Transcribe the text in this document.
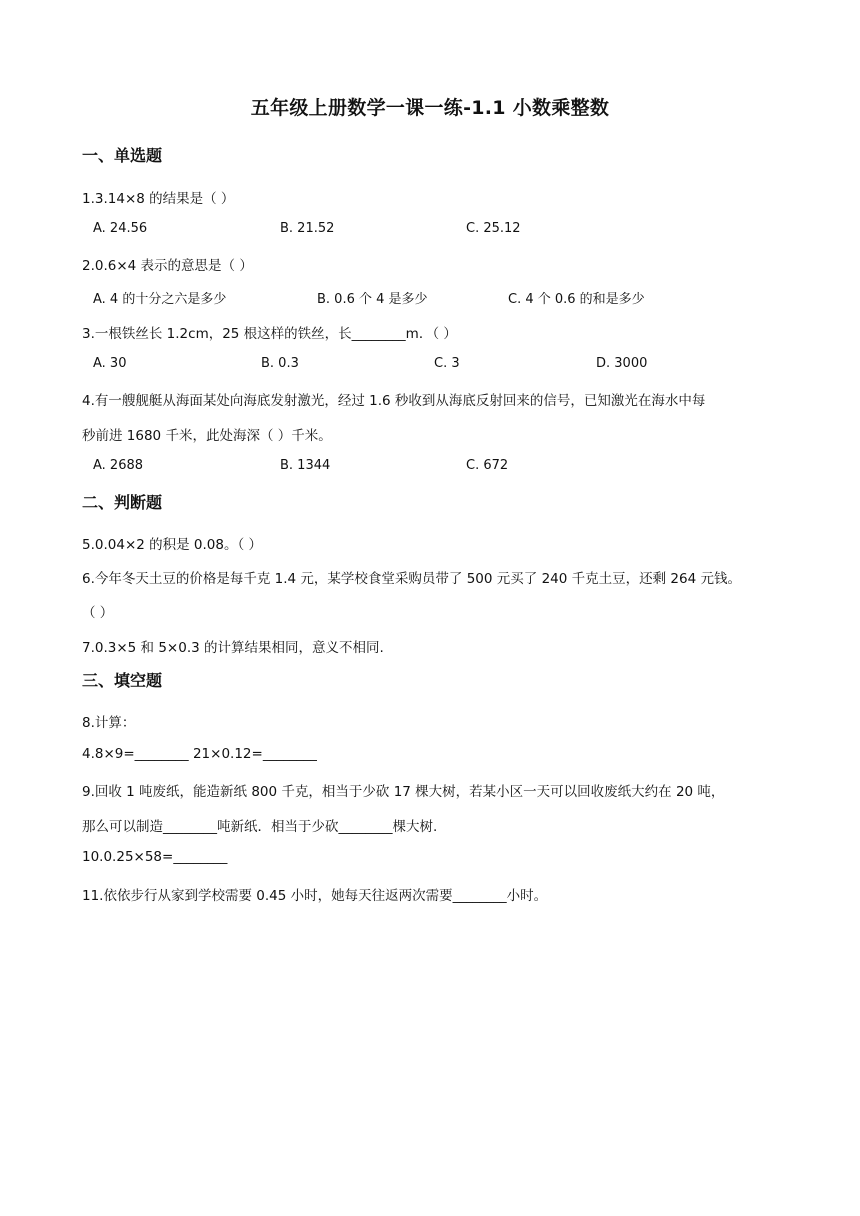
五年级上册数学一课一练-1.1 小数乘整数
一、单选题
1.3.14×8 的结果是（ ）
A. 24.56	B. 21.52	C. 25.12
2.0.6×4 表示的意思是（ ）
A. 4 的十分之六是多少	B. 0.6 个 4 是多少	C. 4 个 0.6 的和是多少
3.一根铁丝长 1.2cm，25 根这样的铁丝，长________m．（ ）
A. 30	B. 0.3	C. 3	D. 3000
4.有一艘舰艇从海面某处向海底发射激光，经过 1.6 秒收到从海底反射回来的信号，已知激光在海水中每
秒前进 1680 千米，此处海深（ ）千米。
A. 2688	B. 1344	C. 672
二、判断题
5.0.04×2 的积是 0.08。（ ）
6.今年冬天土豆的价格是每千克 1.4 元，某学校食堂采购员带了 500 元买了 240 千克土豆，还剩 264 元钱。
（ ）
7.0.3×5 和 5×0.3 的计算结果相同，意义不相同.
三、填空题
8.计算：
4.8×9=________ 21×0.12=________
9.回收 1 吨废纸，能造新纸 800 千克，相当于少砍 17 棵大树，若某小区一天可以回收废纸大约在 20 吨，
那么可以制造________吨新纸．相当于少砍________棵大树.
10.0.25×58=________
11.依依步行从家到学校需要 0.45 小时，她每天往返两次需要________小时。
